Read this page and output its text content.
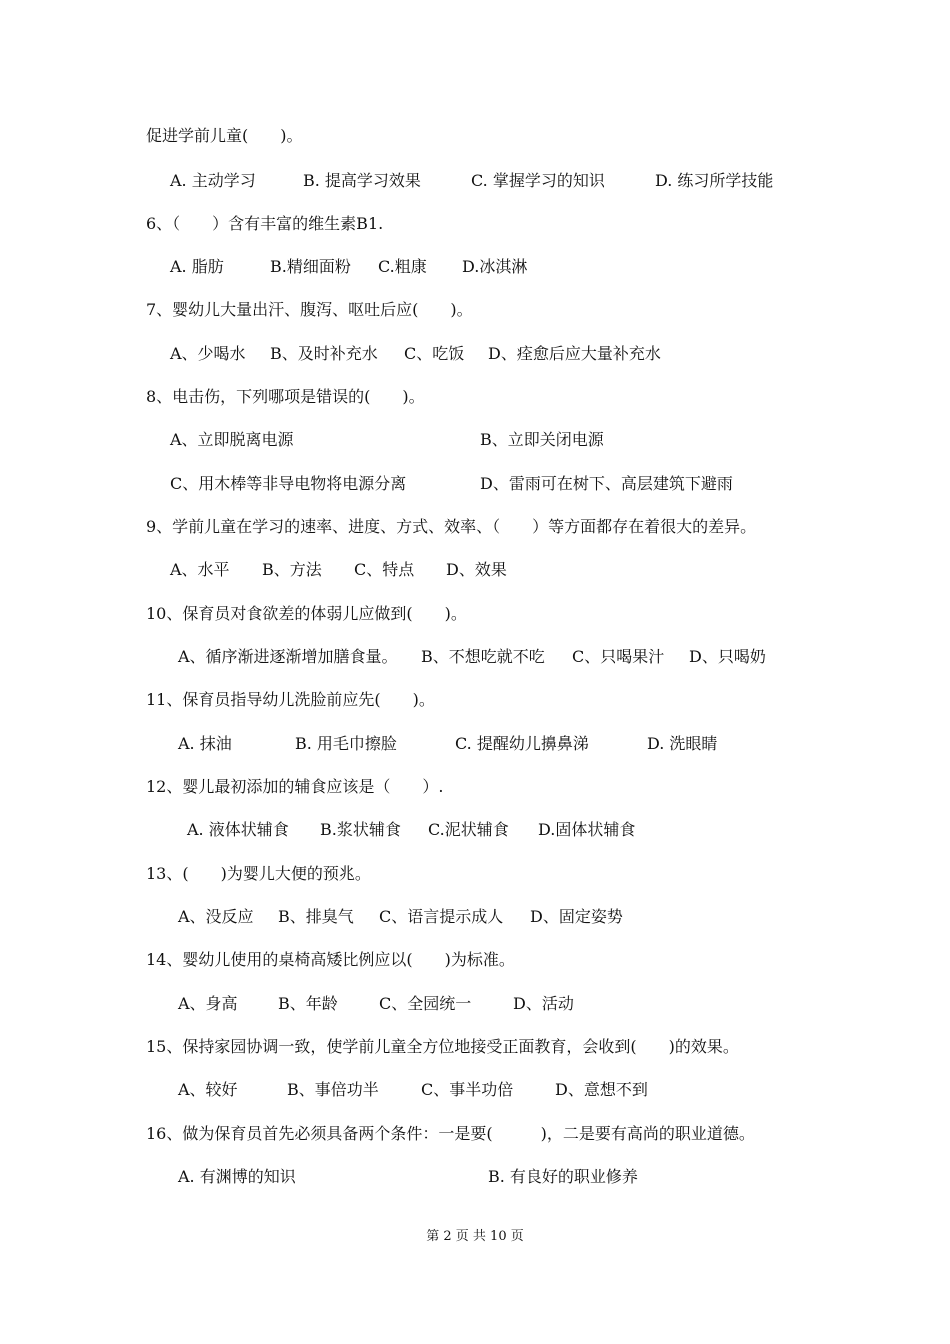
促进学前儿童(　　)。
A. 主动学习	B. 提高学习效果	C. 掌握学习的知识	D. 练习所学技能
6、（　　）含有丰富的维生素B1.
A. 脂肪	B.精细面粉 C.粗康 D.冰淇淋
7、婴幼儿大量出汗、腹泻、呕吐后应(　　)。
A、少喝水 B、及时补充水 C、吃饭 D、痊愈后应大量补充水
8、电击伤，下列哪项是错误的(　　)。
A、立即脱离电源	B、立即关闭电源
C、用木棒等非导电物将电源分离	D、雷雨可在树下、高层建筑下避雨
9、学前儿童在学习的速率、进度、方式、效率、（　　）等方面都存在着很大的差异。
A、水平 B、方法 C、特点 D、效果
10、保育员对食欲差的体弱儿应做到(　　)。
A、循序渐进逐渐增加膳食量。 B、不想吃就不吃 C、只喝果汁 D、只喝奶
11、保育员指导幼儿洗脸前应先(　　)。
A. 抹油	B. 用毛巾擦脸	C. 提醒幼儿擤鼻涕	D. 洗眼睛
12、婴儿最初添加的辅食应该是（　　）.
A. 液体状辅食 B.浆状辅食 C.泥状辅食 D.固体状辅食
13、(　　)为婴儿大便的预兆。
A、没反应 B、排臭气 C、语言提示成人 D、固定姿势
14、婴幼儿使用的桌椅高矮比例应以(　　)为标准。
A、身高	B、年龄	C、全园统一	D、活动
15、保持家园协调一致，使学前儿童全方位地接受正面教育，会收到(　　)的效果。
A、较好	B、事倍功半	C、事半功倍	D、意想不到
16、做为保育员首先必须具备两个条件：一是要(　　　)，二是要有高尚的职业道德。
A. 有渊博的知识	B. 有良好的职业修养
第 2 页 共 10 页
